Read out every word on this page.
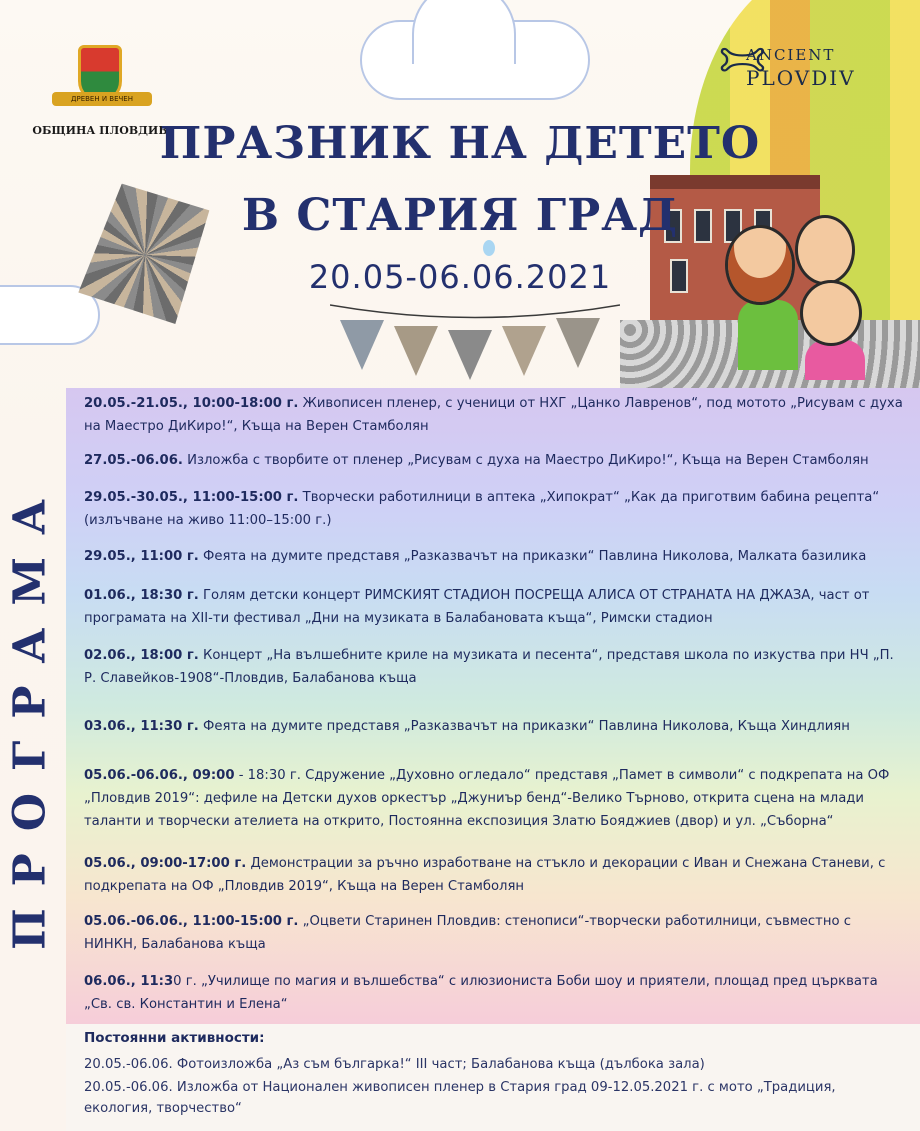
ДРЕВЕН И ВЕЧЕН
ОБЩИНА ПЛОВДИВ
𐂯
ANCIENT
PLOVDIV
ПРАЗНИК НА ДЕТЕТО
В СТАРИЯ ГРАД
20.05-06.06.2021
ПРОГРАМА
20.05.-21.05., 10:00-18:00 г. Живописен пленер, с ученици от НХГ „Цанко Лавренов“, под мотото „Рисувам с духа на Маестро ДиКиро!“, Къща на Верен Стамболян
27.05.-06.06. Изложба с творбите от пленер „Рисувам с духа на Маестро ДиКиро!“, Къща на Верен Стамболян
29.05.-30.05., 11:00-15:00 г. Творчески работилници в аптека „Хипократ“ „Как да приготвим бабина рецепта“ (излъчване на живо 11:00–15:00 г.)
29.05., 11:00 г. Феята на думите представя „Разказвачът на приказки“ Павлина Николова, Малката базилика
01.06., 18:30 г. Голям детски концерт РИМСКИЯТ СТАДИОН ПОСРЕЩА АЛИСА ОТ СТРАНАТА НА ДЖАЗА, част от програмата на XII-ти фестивал „Дни на музиката в Балабановата къща“, Римски стадион
02.06., 18:00 г. Концерт „На вълшебните криле на музиката и песента“, представя школа по изкуства при НЧ „П. Р. Славейков-1908“-Пловдив, Балабанова къща
03.06., 11:30 г. Феята на думите представя „Разказвачът на приказки“ Павлина Николова, Къща Хиндлиян
05.06.-06.06., 09:00 - 18:30 г. Сдружение „Духовно огледало“ представя „Памет в символи“ с подкрепата на ОФ „Пловдив 2019“: дефиле на Детски духов оркестър „Джуниър бенд“-Велико Търново, открита сцена на млади таланти и творчески ателиета на открито, Постоянна експозиция Златю Бояджиев (двор) и ул. „Съборна“
05.06., 09:00-17:00 г. Демонстрации за ръчно изработване на стъкло и декорации с Иван и Снежана Станеви, с подкрепата на ОФ „Пловдив 2019“, Къща на Верен Стамболян
05.06.-06.06., 11:00-15:00 г. „Оцвети Старинен Пловдив: стенописи“-творчески работилници, съвместно с НИНКН, Балабанова къща
06.06., 11:30 г. „Училище по магия и вълшебства“ с илюзиониста Боби шоу и приятели, площад пред църквата „Св. св. Константин и Елена“
Постоянни активности:
20.05.-06.06. Фотоизложба „Аз съм българка!“ III част; Балабанова къща (дълбока зала)
20.05.-06.06. Изложба от Национален живописен пленер в Стария град 09-12.05.2021 г. с мото „Традиция, екология, творчество“
